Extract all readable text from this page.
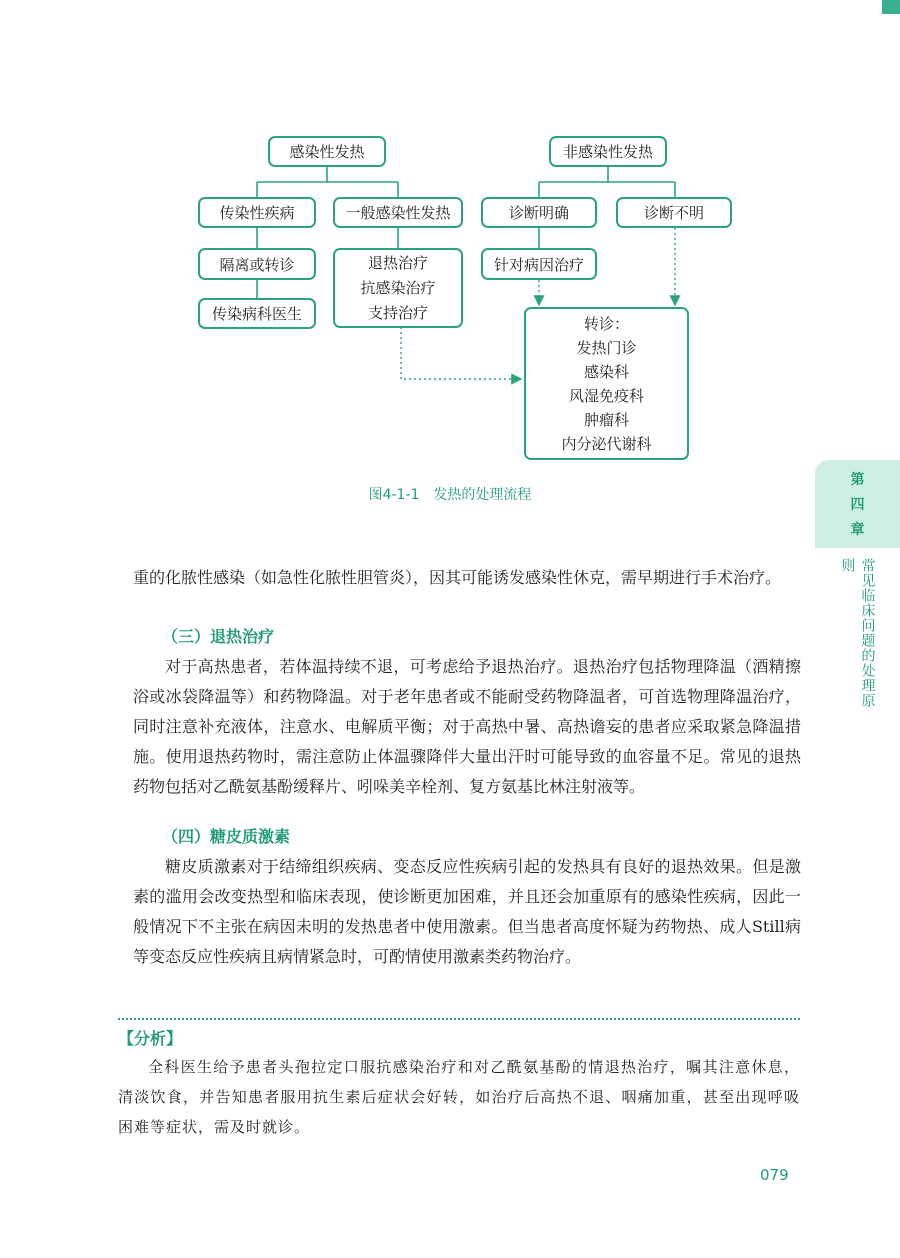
感染性发热	非感染性发热
传染性疾病	一般感染性发热	诊断明确	诊断不明
隔离或转诊
传染病科医生
退热治疗
抗感染治疗
支持治疗
针对病因治疗
转诊：
发热门诊
感染科
风湿免疫科
肿瘤科
内分泌代谢科
图4-1-1　发热的处理流程
第
四
章
常见临床问题的处理原则

重的化脓性感染（如急性化脓性胆管炎），因其可能诱发感染性休克，需早期进行手术治疗。

（三）退热治疗

对于高热患者，若体温持续不退，可考虑给予退热治疗。退热治疗包括物理降温（酒精擦浴或冰袋降温等）和药物降温。对于老年患者或不能耐受药物降温者，可首选物理降温治疗，同时注意补充液体，注意水、电解质平衡；对于高热中暑、高热谵妄的患者应采取紧急降温措施。使用退热药物时，需注意防止体温骤降伴大量出汗时可能导致的血容量不足。常见的退热药物包括对乙酰氨基酚缓释片、吲哚美辛栓剂、复方氨基比林注射液等。

（四）糖皮质激素

糖皮质激素对于结缔组织疾病、变态反应性疾病引起的发热具有良好的退热效果。但是激素的滥用会改变热型和临床表现，使诊断更加困难，并且还会加重原有的感染性疾病，因此一般情况下不主张在病因未明的发热患者中使用激素。但当患者高度怀疑为药物热、成人Still病等变态反应性疾病且病情紧急时，可酌情使用激素类药物治疗。

【分析】

全科医生给予患者头孢拉定口服抗感染治疗和对乙酰氨基酚的情退热治疗，嘱其注意休息，清淡饮食，并告知患者服用抗生素后症状会好转，如治疗后高热不退、咽痛加重，甚至出现呼吸困难等症状，需及时就诊。

079
